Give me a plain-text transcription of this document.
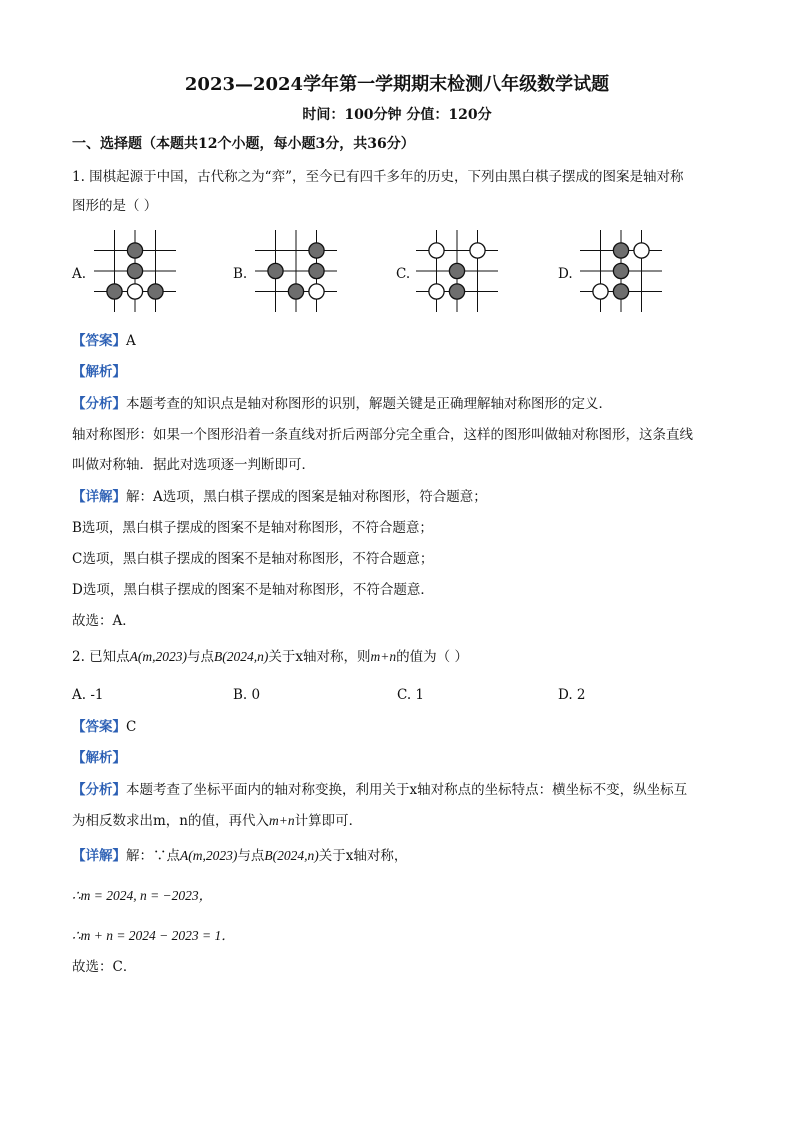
2023—2024学年第一学期期末检测八年级数学试题
时间：100分钟 分值：120分
一、选择题（本题共12个小题，每小题3分，共36分）
1. 围棋起源于中国，古代称之为“弈”，至今已有四千多年的历史，下列由黑白棋子摆成的图案是轴对称
图形的是（ ）
A.	B.	C.	D.
【答案】A
【解析】
【分析】本题考查的知识点是轴对称图形的识别，解题关键是正确理解轴对称图形的定义．
轴对称图形：如果一个图形沿着一条直线对折后两部分完全重合，这样的图形叫做轴对称图形，这条直线
叫做对称轴．据此对选项逐一判断即可．
【详解】解：A选项，黑白棋子摆成的图案是轴对称图形，符合题意；
B选项，黑白棋子摆成的图案不是轴对称图形，不符合题意；
C选项，黑白棋子摆成的图案不是轴对称图形，不符合题意；
D选项，黑白棋子摆成的图案不是轴对称图形，不符合题意．
故选：A．
2. 已知点A(m,2023)与点B(2024,n)关于x轴对称，则m+n的值为（ ）
A. -1	B. 0	C. 1	D. 2
【答案】C
【解析】
【分析】本题考查了坐标平面内的轴对称变换，利用关于x轴对称点的坐标特点：横坐标不变，纵坐标互
为相反数求出m，n的值，再代入m+n计算即可．
【详解】解：∵点A(m,2023)与点B(2024,n)关于x轴对称，
∴m = 2024, n = −2023，
∴m + n = 2024 − 2023 = 1．
故选：C．
